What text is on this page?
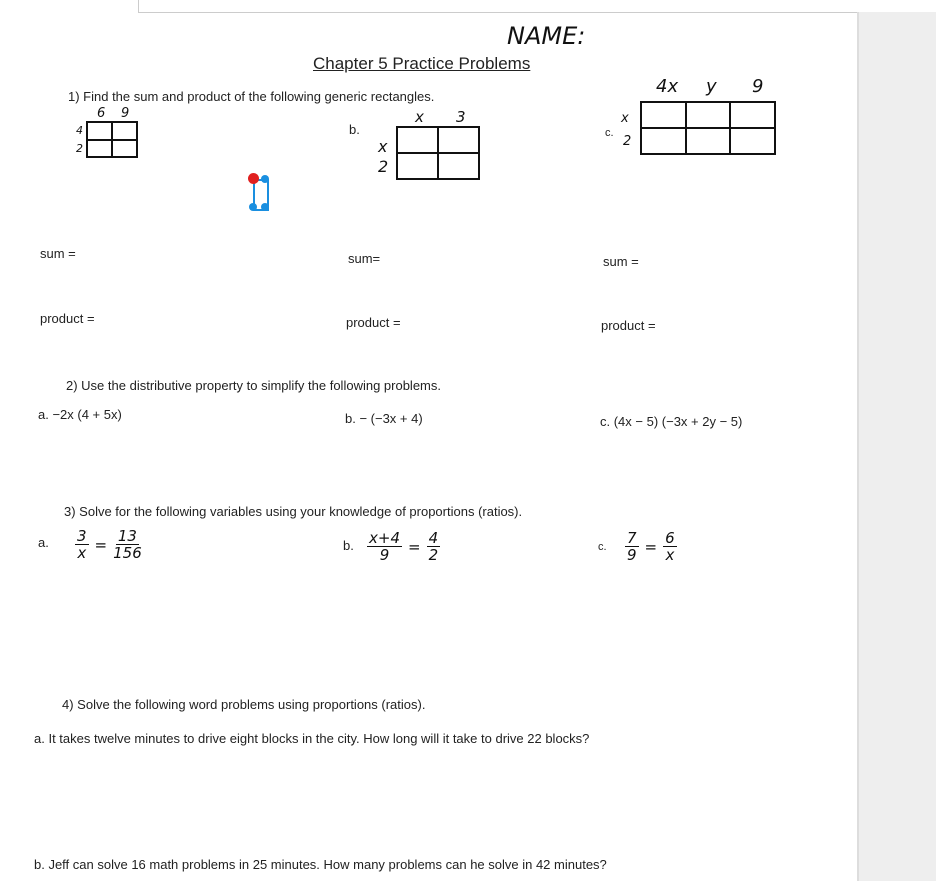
NAME:
Chapter 5 Practice Problems
1) Find the sum and product of the following generic rectangles.
6 9
4
2
b.
x 3
x
2
c.
4x y 9
x
2
sum =	sum=	sum =
product =	product =	product =
2) Use the distributive property to simplify the following problems.
a. −2x (4 + 5x)	b. − (−3x + 4)	c. (4x − 5) (−3x + 2y − 5)
3) Solve for the following variables using your knowledge of proportions (ratios).
a. $\frac{3}{x} = \frac{13}{156}$	b. $\frac{x+4}{9} = \frac{4}{2}$	c. $\frac{7}{9} = \frac{6}{x}$
4) Solve the following word problems using proportions (ratios).
a. It takes twelve minutes to drive eight blocks in the city. How long will it take to drive 22 blocks?
b. Jeff can solve 16 math problems in 25 minutes. How many problems can he solve in 42 minutes?
